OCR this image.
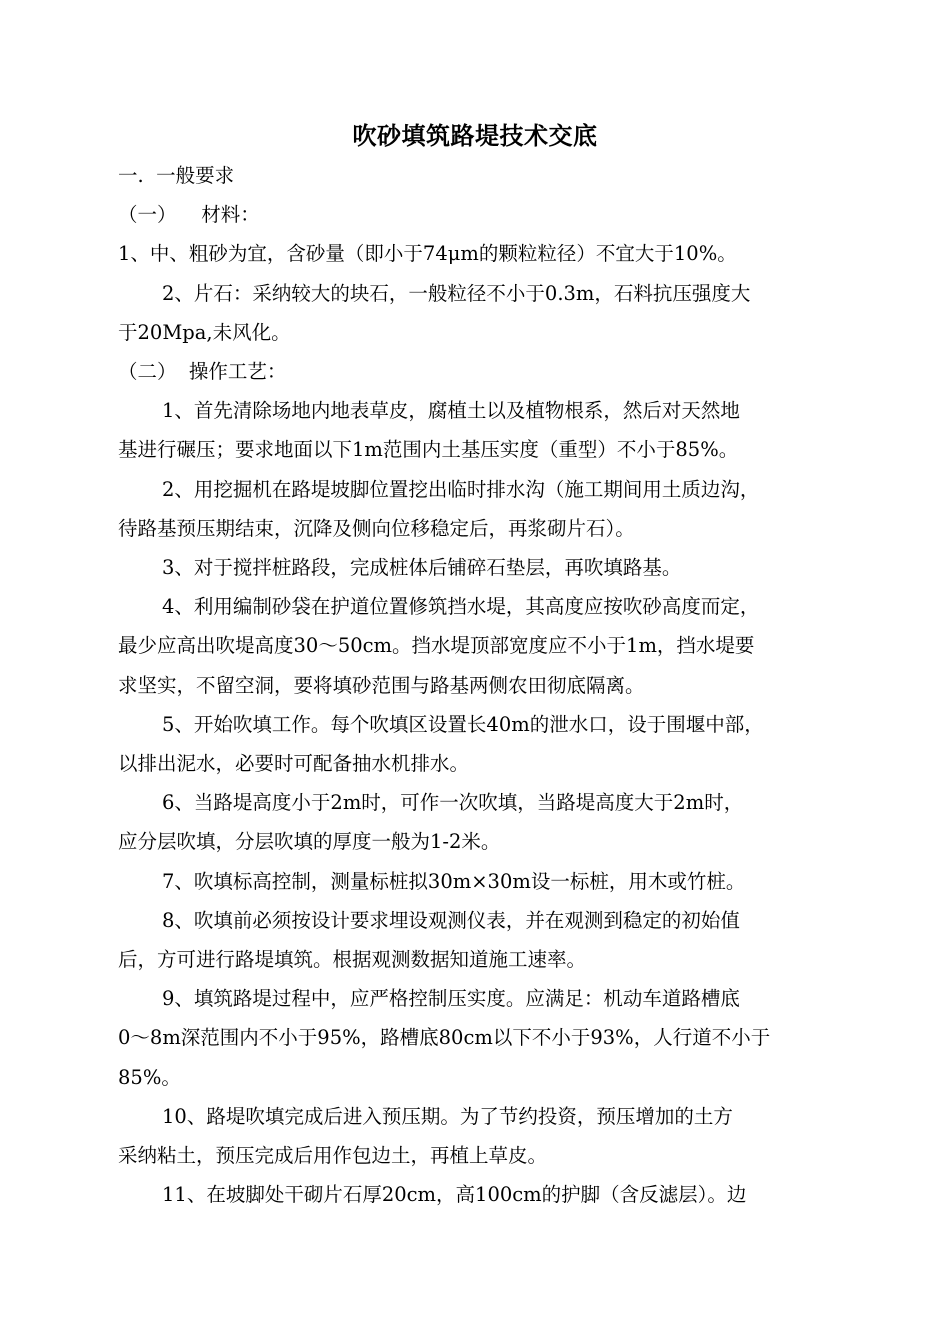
吹砂填筑路堤技术交底

一.  一般要求

（一）    材料：

1、中、粗砂为宜，含砂量（即小于74μm的颗粒粒径）不宜大于10%。

2、片石：采纳较大的块石，一般粒径不小于0.3m，石料抗压强度大

于20Mpa,未风化。

（二）  操作工艺：

1、首先清除场地内地表草皮，腐植土以及植物根系，然后对天然地

基进行碾压；要求地面以下1m范围内土基压实度（重型）不小于85%。

2、用挖掘机在路堤坡脚位置挖出临时排水沟（施工期间用土质边沟，

待路基预压期结束，沉降及侧向位移稳定后，再浆砌片石）。

3、对于搅拌桩路段，完成桩体后铺碎石垫层，再吹填路基。

4、利用编制砂袋在护道位置修筑挡水堤，其高度应按吹砂高度而定，

最少应高出吹堤高度30～50cm。挡水堤顶部宽度应不小于1m，挡水堤要

求坚实，不留空洞，要将填砂范围与路基两侧农田彻底隔离。

5、开始吹填工作。每个吹填区设置长40m的泄水口，设于围堰中部，

以排出泥水，必要时可配备抽水机排水。

6、当路堤高度小于2m时，可作一次吹填，当路堤高度大于2m时，

应分层吹填，分层吹填的厚度一般为1-2米。

7、吹填标高控制，测量标桩拟30m×30m设一标桩，用木或竹桩。

8、吹填前必须按设计要求埋设观测仪表，并在观测到稳定的初始值

后，方可进行路堤填筑。根据观测数据知道施工速率。

9、填筑路堤过程中，应严格控制压实度。应满足：机动车道路槽底

0～8m深范围内不小于95%，路槽底80cm以下不小于93%，人行道不小于

85%。

10、路堤吹填完成后进入预压期。为了节约投资，预压增加的土方

采纳粘土，预压完成后用作包边土，再植上草皮。

11、在坡脚处干砌片石厚20cm，高100cm的护脚（含反滤层）。边
